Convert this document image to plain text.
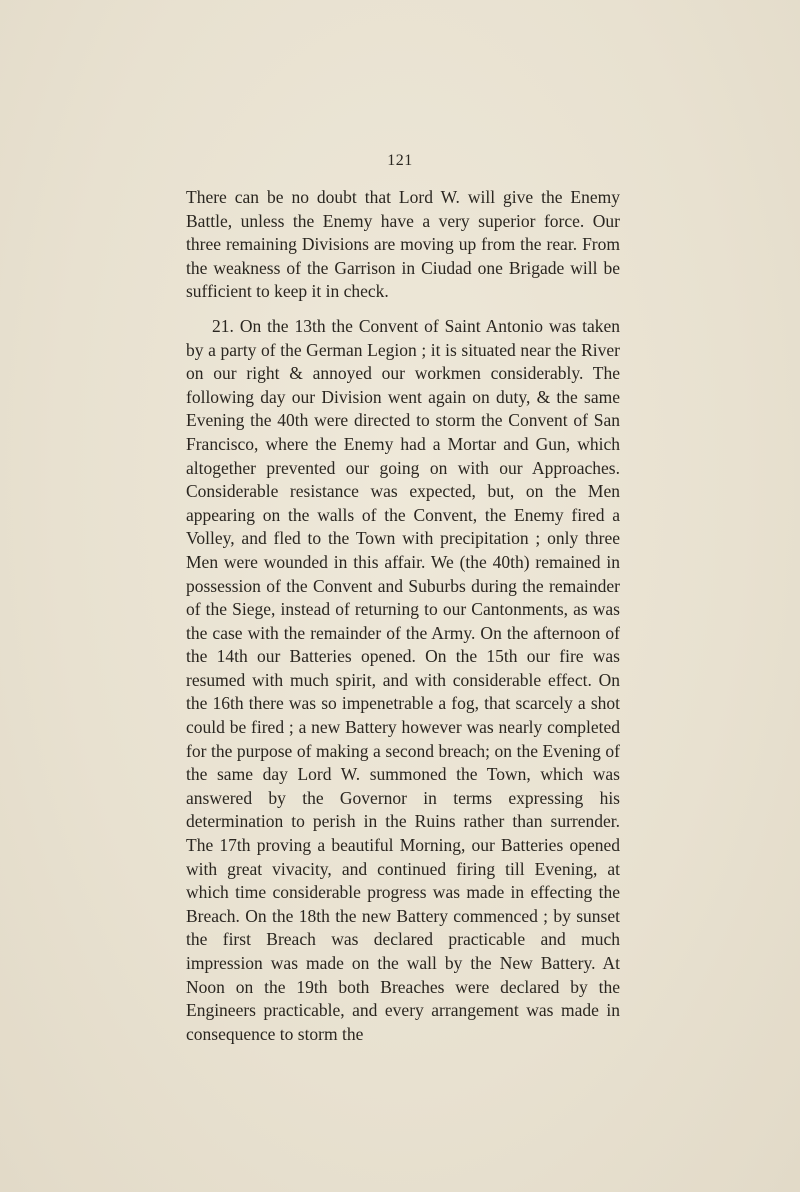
121

There can be no doubt that Lord W. will give the Enemy Battle, unless the Enemy have a very superior force. Our three remaining Divisions are moving up from the rear. From the weakness of the Garrison in Ciudad one Brigade will be sufficient to keep it in check.

21. On the 13th the Convent of Saint Antonio was taken by a party of the German Legion ; it is situated near the River on our right & annoyed our workmen considerably. The following day our Division went again on duty, & the same Evening the 40th were directed to storm the Convent of San Francisco, where the Enemy had a Mortar and Gun, which altogether prevented our going on with our Approaches. Considerable resistance was expected, but, on the Men appearing on the walls of the Convent, the Enemy fired a Volley, and fled to the Town with precipitation ; only three Men were wounded in this affair. We (the 40th) remained in possession of the Convent and Suburbs during the remainder of the Siege, instead of returning to our Cantonments, as was the case with the remainder of the Army. On the afternoon of the 14th our Batteries opened. On the 15th our fire was resumed with much spirit, and with considerable effect. On the 16th there was so impenetrable a fog, that scarcely a shot could be fired ; a new Battery however was nearly completed for the purpose of making a second breach; on the Evening of the same day Lord W. summoned the Town, which was answered by the Governor in terms expressing his determination to perish in the Ruins rather than surrender. The 17th proving a beautiful Morning, our Batteries opened with great vivacity, and continued firing till Evening, at which time considerable progress was made in effecting the Breach. On the 18th the new Battery commenced ; by sunset the first Breach was declared practicable and much impression was made on the wall by the New Battery. At Noon on the 19th both Breaches were declared by the Engineers practicable, and every arrangement was made in consequence to storm the
